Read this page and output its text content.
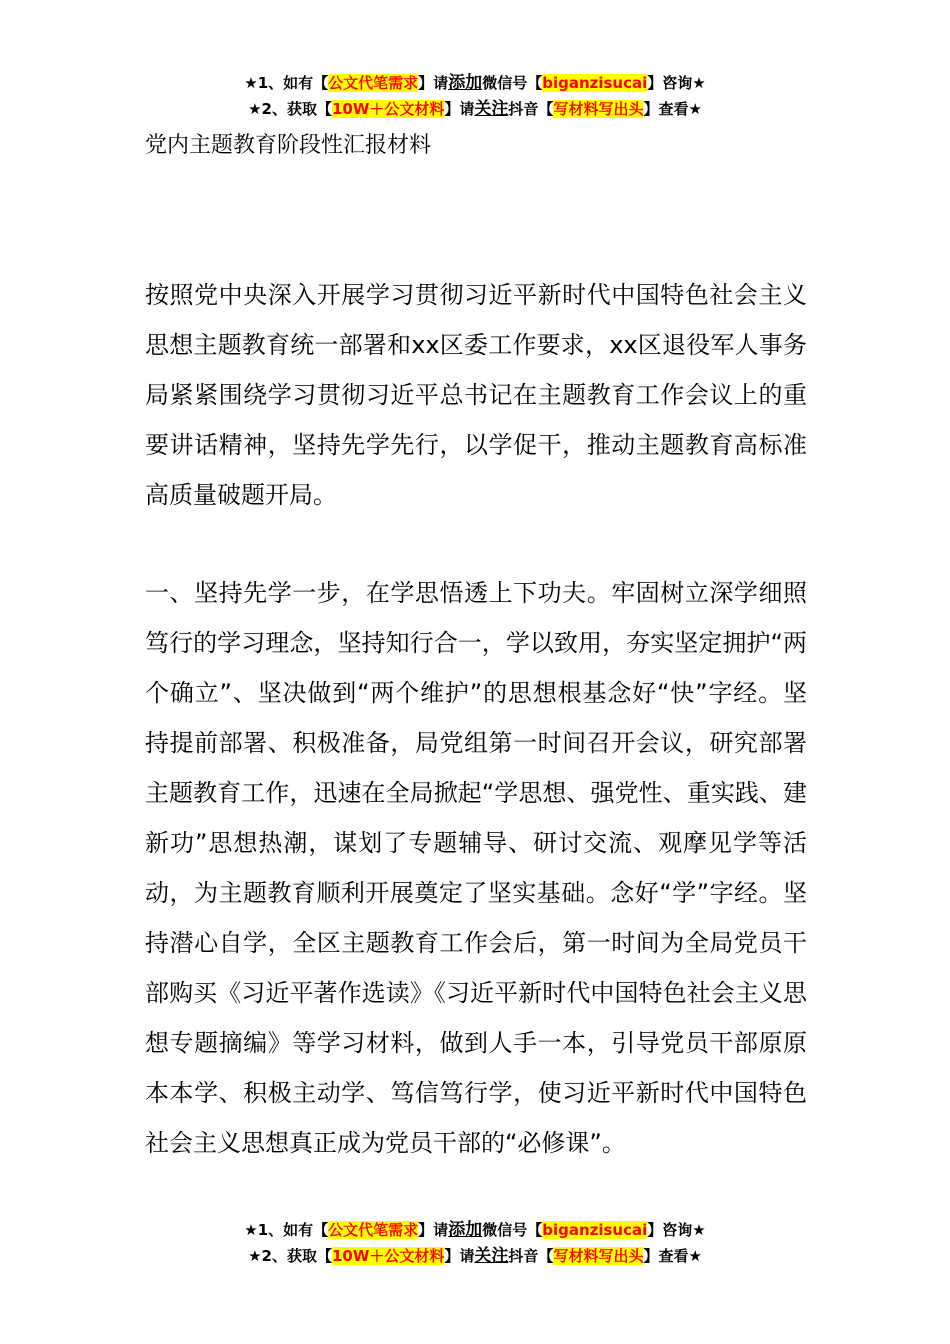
★1、如有【公文代笔需求】请添加微信号【biganzisucai】咨询★
★2、获取【10W＋公文材料】请关注抖音【写材料写出头】查看★
党内主题教育阶段性汇报材料

按照党中央深入开展学习贯彻习近平新时代中国特色社会主义思想主题教育统一部署和xx区委工作要求，xx区退役军人事务局紧紧围绕学习贯彻习近平总书记在主题教育工作会议上的重要讲话精神，坚持先学先行，以学促干，推动主题教育高标准高质量破题开局。

一、坚持先学一步，在学思悟透上下功夫。牢固树立深学细照笃行的学习理念，坚持知行合一，学以致用，夯实坚定拥护“两个确立”、坚决做到“两个维护”的思想根基念好“快”字经。坚持提前部署、积极准备，局党组第一时间召开会议，研究部署主题教育工作，迅速在全局掀起“学思想、强党性、重实践、建新功”思想热潮，谋划了专题辅导、研讨交流、观摩见学等活动，为主题教育顺利开展奠定了坚实基础。念好“学”字经。坚持潜心自学，全区主题教育工作会后，第一时间为全局党员干部购买《习近平著作选读》《习近平新时代中国特色社会主义思想专题摘编》等学习材料，做到人手一本，引导党员干部原原本本学、积极主动学、笃信笃行学，使习近平新时代中国特色社会主义思想真正成为党员干部的“必修课”。

★1、如有【公文代笔需求】请添加微信号【biganzisucai】咨询★
★2、获取【10W＋公文材料】请关注抖音【写材料写出头】查看★
